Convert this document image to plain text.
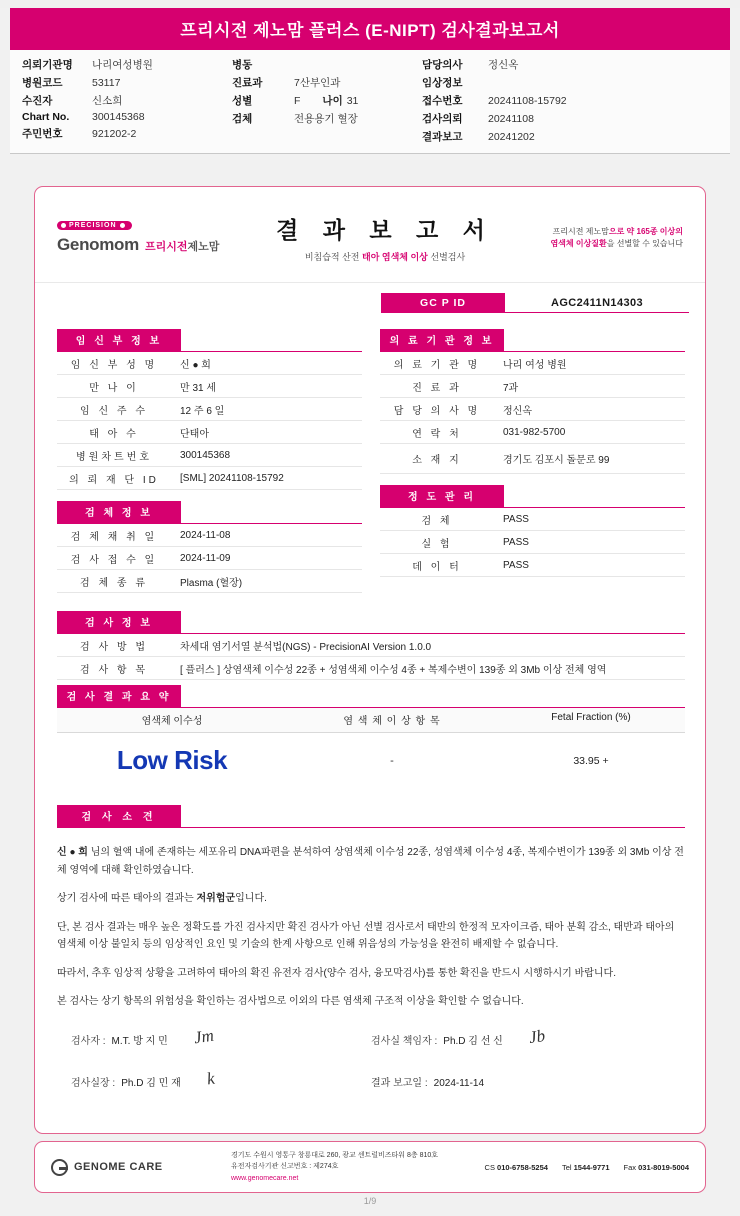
프리시전 제노맘 플러스 (E-NIPT) 검사결과보고서
의뢰기관명	나리여성병원
병원코드	53117
수진자	신소희
Chart No.	300145368
주민번호	921202-2
병동
진료과	7산부인과
성별	F	나이 31
검체	전용용기 혈장
담당의사	정신옥
임상정보
접수번호	20241108-15792
검사의뢰	20241108
결과보고	20241202
PRECISION
Genomom 프리시전 제노맘
결 과 보 고 서
비침습적 산전 태아 염색체 이상 선별검사
프리시전 제노맘으로 약 165종 이상의
염색체 이상질환을 선별할 수 있습니다
GC P ID	AGC2411N14303
임 신 부 정 보
임 신 부 성 명	신 ● 희
만 나 이	만 31 세
임 신 주 수	12 주 6 일
태 아 수	단태아
병원차트번호	300145368
의 뢰 재 단 ID	[SML] 20241108-15792
검 체 정 보
검 체 채 취 일	2024-11-08
검 사 접 수 일	2024-11-09
검 체 종 류	Plasma (혈장)
의 료 기 관 정 보
의 료 기 관 명	나리 여성 병원
진 료 과	7과
담 당 의 사 명	정신옥
연 락 처	031-982-5700
소 재 지	경기도 김포시 돌문로 99
정 도 관 리
검 체	PASS
실 험	PASS
데 이 터	PASS
검 사 정 보
검 사 방 법	차세대 염기서열 분석법(NGS) - PrecisionAI Version 1.0.0
검 사 항 목	[ 플러스 ] 상염색체 이수성 22종 + 성염색체 이수성 4종 + 복제수변이 139종 외 3Mb 이상 전체 영역
검 사 결 과 요 약
염색체 이수성	염 색 체 이 상 항 목	Fetal Fraction (%)
Low Risk	-	33.95 +
검 사 소 견

신 ● 희 님의 혈액 내에 존재하는 세포유리 DNA파편을 분석하여 상염색체 이수성 22종, 성염색체 이수성 4종, 복제수변이가 139종 외 3Mb 이상 전체 영역에 대해 확인하였습니다.

상기 검사에 따른 태아의 결과는 저위험군입니다.

단, 본 검사 결과는 매우 높은 정확도를 가진 검사지만 확진 검사가 아닌 선별 검사로서 태반의 한정적 모자이크즘, 태아 분획 감소, 태반과 태아의 염색체 이상 불일치 등의 임상적인 요인 및 기술의 한계 사항으로 인해 위음성의 가능성을 완전히 배제할 수 없습니다.

따라서, 추후 임상적 상황을 고려하여 태아의 확진 유전자 검사(양수 검사, 융모막검사)를 통한 확진을 반드시 시행하시기 바랍니다.

본 검사는 상기 항목의 위험성을 확인하는 검사법으로 이외의 다른 염색체 구조적 이상을 확인할 수 없습니다.

검사자 : M.T. 방 지 민 Jm	검사실 책임자 : Ph.D 김 선 신 Jb
검사실장 : Ph.D 김 민 재 k	결과 보고일 : 2024-11-14
GENOME CARE
경기도 수원시 영통구 창룡대로 260, 광교 센트럴비즈타워 8층 810호
유전자검사기관 신고번호 : 제274호
www.genomecare.net
CS 010-6758-5254 Tel 1544-9771 Fax 031-8019-5004
1/9
